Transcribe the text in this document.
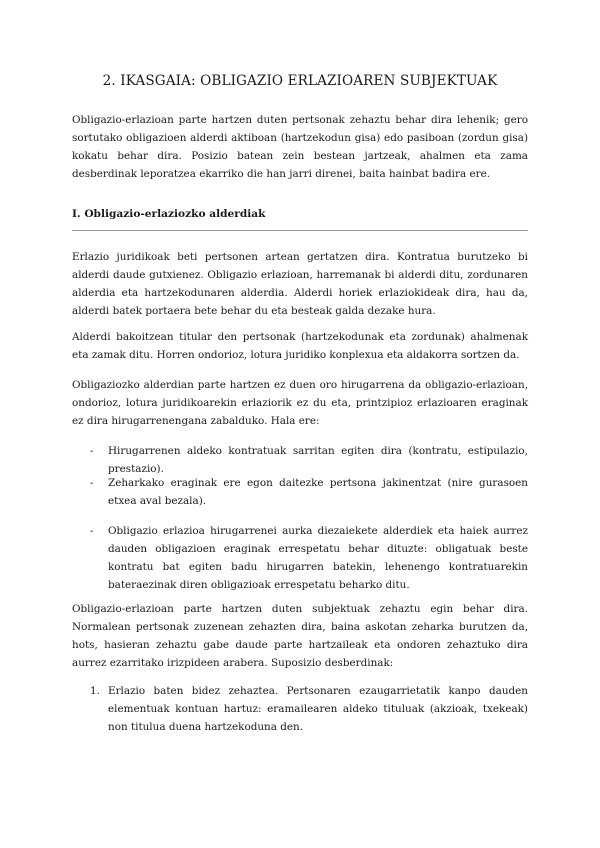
2. IKASGAIA: OBLIGAZIO ERLAZIOAREN SUBJEKTUAK

Obligazio-erlazioan parte hartzen duten pertsonak zehaztu behar dira lehenik; gero sortutako obligazioen alderdi aktiboan (hartzekodun gisa) edo pasiboan (zordun gisa) kokatu behar dira. Posizio batean zein bestean jartzeak, ahalmen eta zama desberdinak leporatzea ekarriko die han jarri direnei, baita hainbat badira ere.

I. Obligazio-erlaziozko alderdiak

Erlazio juridikoak beti pertsonen artean gertatzen dira. Kontratua burutzeko bi alderdi daude gutxienez. Obligazio erlazioan, harremanak bi alderdi ditu, zordunaren alderdia eta hartzekodunaren alderdia. Alderdi horiek erlaziokideak dira, hau da, alderdi batek portaera bete behar du eta besteak galda dezake hura.

Alderdi bakoitzean titular den pertsonak (hartzekodunak eta zordunak) ahalmenak eta zamak ditu. Horren ondorioz, lotura juridiko konplexua eta aldakorra sortzen da.

Obligaziozko alderdian parte hartzen ez duen oro hirugarrena da obligazio-erlazioan, ondorioz, lotura juridikoarekin erlaziorik ez du eta, printzipioz erlazioaren eraginak ez dira hirugarrenengana zabalduko. Hala ere:

- Hirugarrenen aldeko kontratuak sarritan egiten dira (kontratu, estipulazio, prestazio).

- Zeharkako eraginak ere egon daitezke pertsona jakinentzat (nire gurasoen etxea aval bezala).

- Obligazio erlazioa hirugarrenei aurka diezaiekete alderdiek eta haiek aurrez dauden obligazioen eraginak errespetatu behar dituzte: obligatuak beste kontratu bat egiten badu hirugarren batekin, lehenengo kontratuarekin bateraezinak diren obligazioak errespetatu beharko ditu.

Obligazio-erlazioan parte hartzen duten subjektuak zehaztu egin behar dira. Normalean pertsonak zuzenean zehazten dira, baina askotan zeharka burutzen da, hots, hasieran zehaztu gabe daude parte hartzaileak eta ondoren zehaztuko dira aurrez ezarritako irizpideen arabera. Suposizio desberdinak:

1. Erlazio baten bidez zehaztea. Pertsonaren ezaugarrietatik kanpo dauden elementuak kontuan hartuz: eramailearen aldeko tituluak (akzioak, txekeak) non titulua duena hartzekoduna den.
